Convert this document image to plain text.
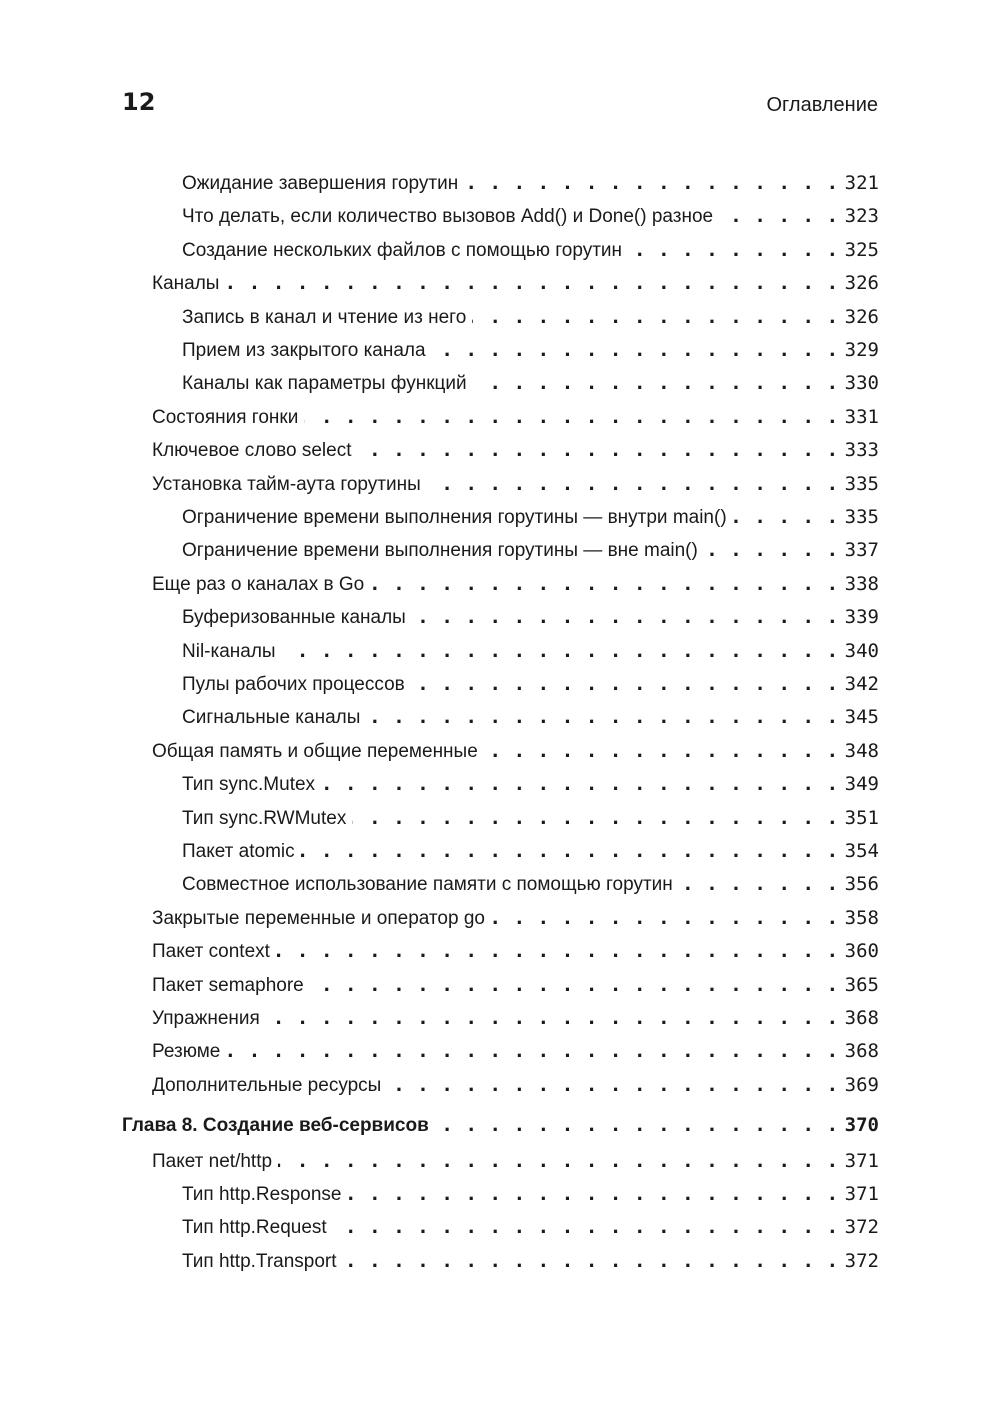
12	Оглавление
Ожидание завершения горутин . . .	321
Что делать, если количество вызовов Add() и Done() разное . . .	323
Создание нескольких файлов с помощью горутин . . .	325
Каналы . . .	326
Запись в канал и чтение из него . . .	326
Прием из закрытого канала . . .	329
Каналы как параметры функций . . .	330
Состояния гонки . . .	331
Ключевое слово select . . .	333
Установка тайм-аута горутины . . .	335
Ограничение времени выполнения горутины — внутри main() . . .	335
Ограничение времени выполнения горутины — вне main() . . .	337
Еще раз о каналах в Go . . .	338
Буферизованные каналы . . .	339
Nil-каналы . . .	340
Пулы рабочих процессов . . .	342
Сигнальные каналы . . .	345
Общая память и общие переменные . . .	348
Тип sync.Mutex . . .	349
Тип sync.RWMutex . . .	351
Пакет atomic . . .	354
Совместное использование памяти с помощью горутин . . .	356
Закрытые переменные и оператор go . . .	358
Пакет context . . .	360
Пакет semaphore . . .	365
Упражнения . . .	368
Резюме . . .	368
Дополнительные ресурсы . . .	369
Глава 8. Создание веб-сервисов . . .	370
Пакет net/http . . .	371
Тип http.Response . . .	371
Тип http.Request . . .	372
Тип http.Transport . . .	372
